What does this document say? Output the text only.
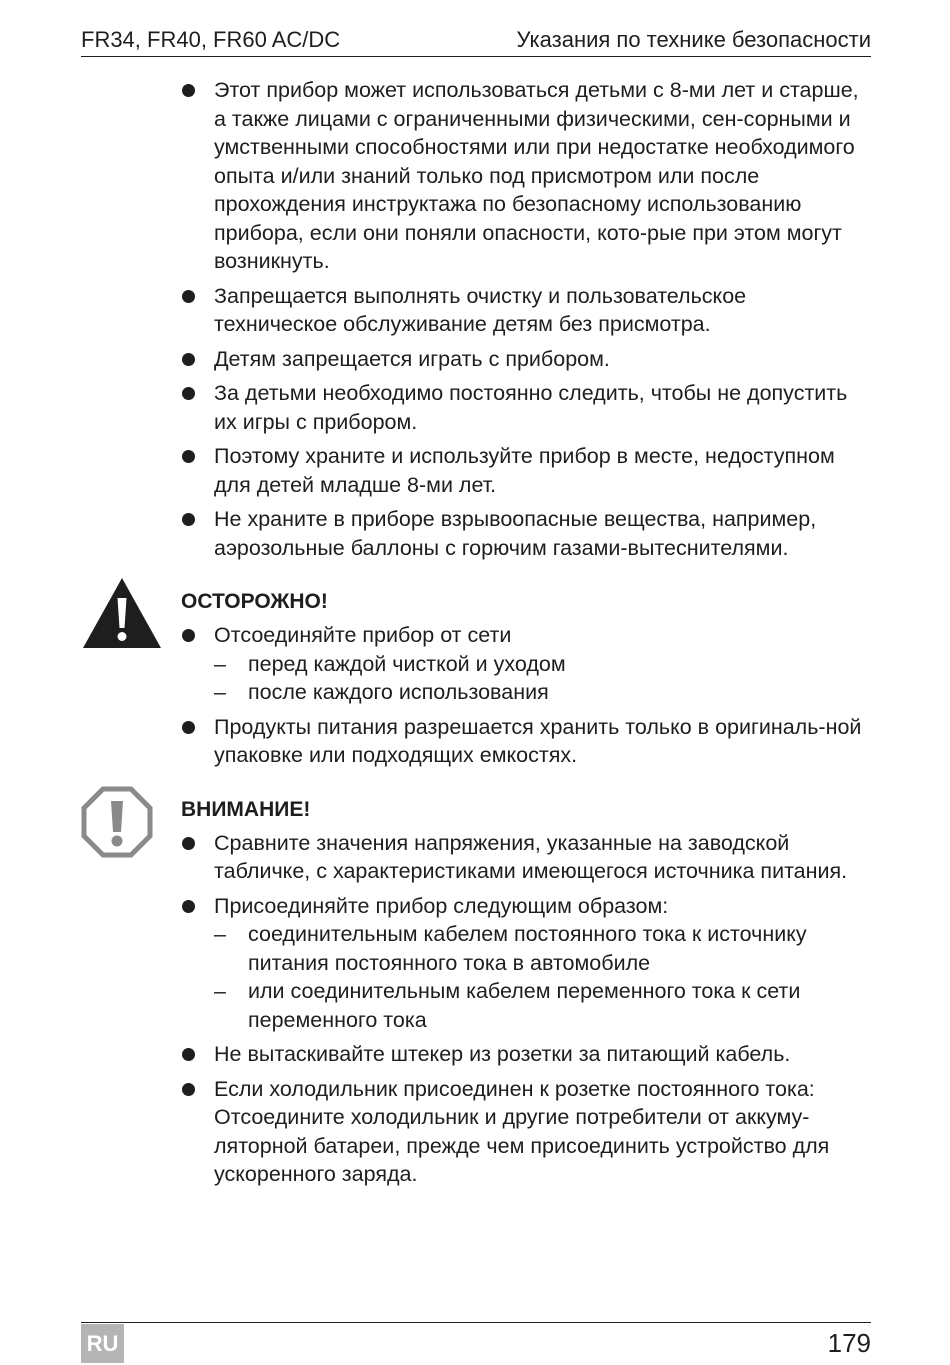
FR34, FR40, FR60 AC/DC	Указания по технике безопасности
Этот прибор может использоваться детьми с 8-ми лет и старше, а также лицами с ограниченными физическими, сен-сорными и умственными способностями или при недостатке необходимого опыта и/или знаний только под присмотром или после прохождения инструктажа по безопасному использованию прибора, если они поняли опасности, кото-рые при этом могут возникнуть.
Запрещается выполнять очистку и пользовательское техническое обслуживание детям без присмотра.
Детям запрещается играть с прибором.
За детьми необходимо постоянно следить, чтобы не допустить их игры с прибором.
Поэтому храните и используйте прибор в месте, недоступном для детей младше 8-ми лет.
Не храните в приборе взрывоопасные вещества, например, аэрозольные баллоны с горючим газами-вытеснителями.
ОСТОРОЖНО!
Отсоединяйте прибор от сети
– перед каждой чисткой и уходом
– после каждого использования
Продукты питания разрешается хранить только в оригиналь-ной упаковке или подходящих емкостях.
ВНИМАНИЕ!
Сравните значения напряжения, указанные на заводской табличке, с характеристиками имеющегося источника питания.
Присоединяйте прибор следующим образом:
– соединительным кабелем постоянного тока к источнику питания постоянного тока в автомобиле
– или соединительным кабелем переменного тока к сети переменного тока
Не вытаскивайте штекер из розетки за питающий кабель.
Если холодильник присоединен к розетке постоянного тока: Отсоедините холодильник и другие потребители от аккуму-ляторной батареи, прежде чем присоединить устройство для ускоренного заряда.
RU	179
